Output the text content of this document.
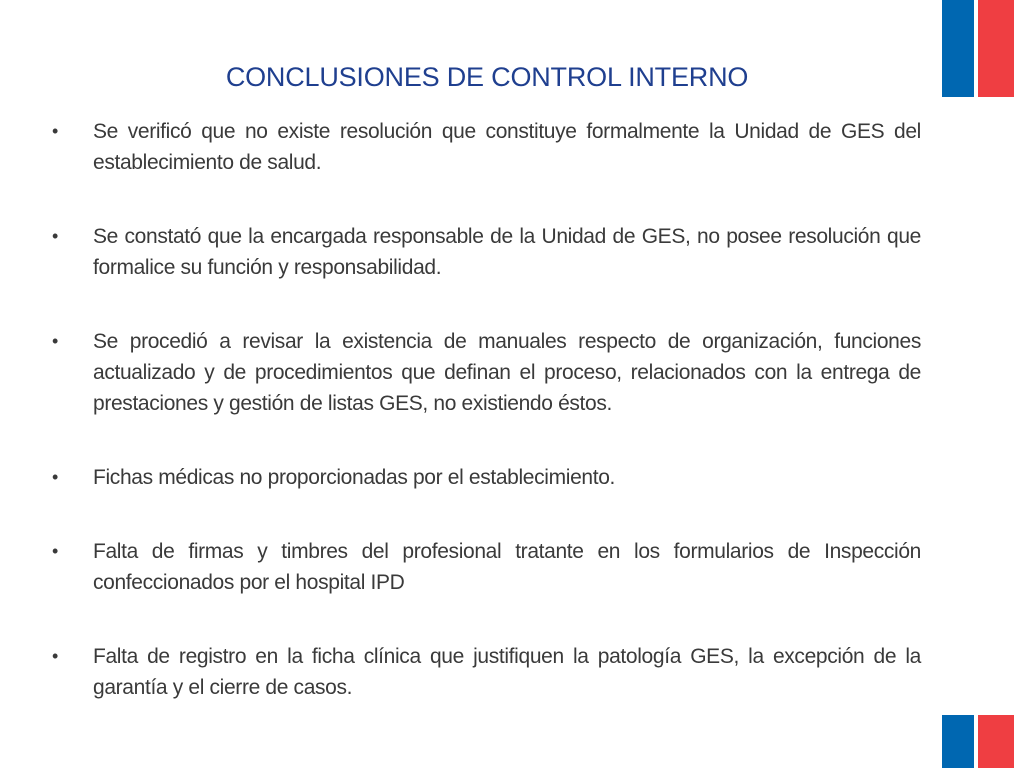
CONCLUSIONES DE CONTROL INTERNO
•	Se verificó que no existe resolución que constituye formalmente la Unidad de GES del establecimiento de salud.
•	Se constató que la encargada responsable de la Unidad de GES, no posee resolución que formalice su función y responsabilidad.
•	Se procedió a revisar la existencia de manuales respecto de organización, funciones actualizado y de procedimientos que definan el proceso, relacionados con la entrega de prestaciones y gestión de listas GES, no existiendo éstos.
•	Fichas médicas no proporcionadas por el establecimiento.
•	Falta de firmas y timbres del profesional tratante en los formularios de Inspección confeccionados por el hospital IPD
•	Falta de registro en la ficha clínica que justifiquen la patología GES, la excepción de la garantía y el cierre de casos.
